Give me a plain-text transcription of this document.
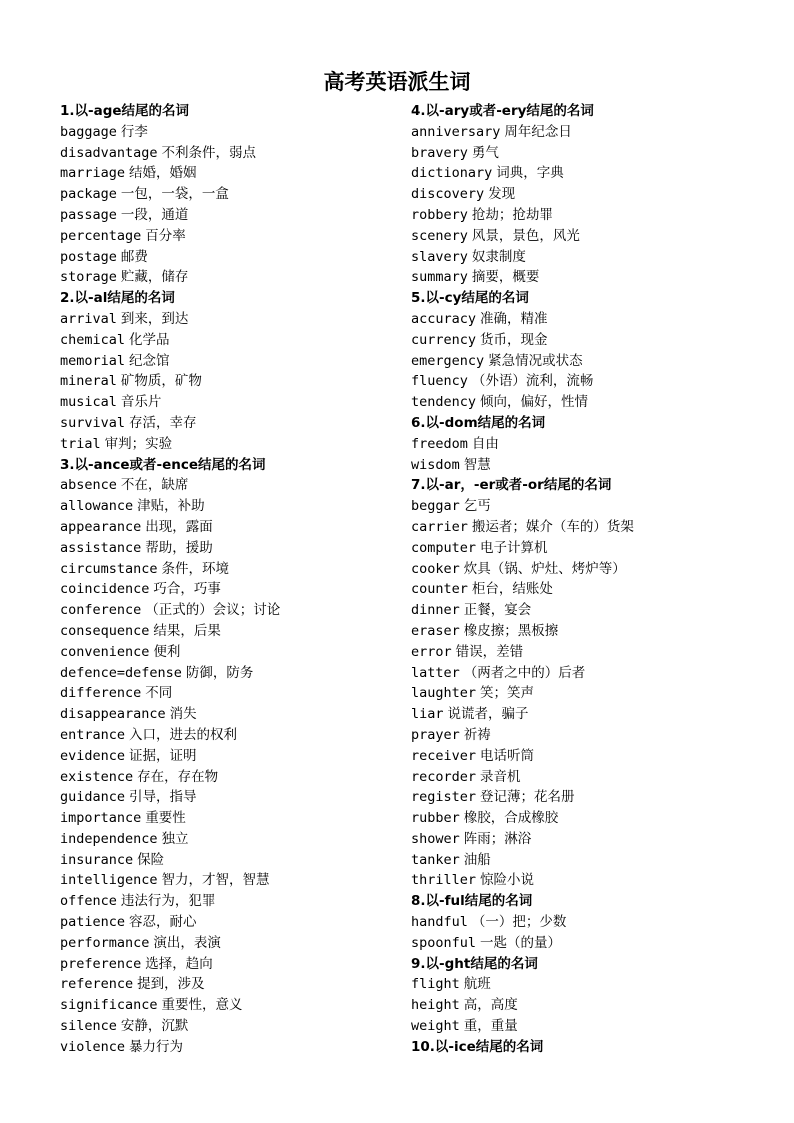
高考英语派生词
1.以-age结尾的名词
baggage 行李
disadvantage 不利条件，弱点
marriage 结婚，婚姻
package 一包，一袋，一盒
passage 一段，通道
percentage 百分率
postage 邮费
storage 贮藏，储存
2.以-al结尾的名词
arrival 到来，到达
chemical 化学品
memorial 纪念馆
mineral 矿物质，矿物
musical 音乐片
survival 存活，幸存
trial 审判；实验
3.以-ance或者-ence结尾的名词
absence 不在，缺席
allowance 津贴，补助
appearance 出现，露面
assistance 帮助，援助
circumstance 条件，环境
coincidence 巧合，巧事
conference （正式的）会议；讨论
consequence 结果，后果
convenience 便利
defence=defense 防御，防务
difference 不同
disappearance 消失
entrance 入口，进去的权利
evidence 证据，证明
existence 存在，存在物
guidance 引导，指导
importance 重要性
independence 独立
insurance 保险
intelligence 智力，才智，智慧
offence 违法行为，犯罪
patience 容忍，耐心
performance 演出，表演
preference 选择，趋向
reference 提到，涉及
significance 重要性，意义
silence 安静，沉默
violence 暴力行为
4.以-ary或者-ery结尾的名词
anniversary 周年纪念日
bravery 勇气
dictionary 词典，字典
discovery 发现
robbery 抢劫；抢劫罪
scenery 风景，景色，风光
slavery 奴隶制度
summary 摘要，概要
5.以-cy结尾的名词
accuracy 准确，精准
currency 货币，现金
emergency 紧急情况或状态
fluency （外语）流利，流畅
tendency 倾向，偏好，性情
6.以-dom结尾的名词
freedom 自由
wisdom 智慧
7.以-ar，-er或者-or结尾的名词
beggar 乞丐
carrier 搬运者；媒介（车的）货架
computer 电子计算机
cooker 炊具（锅、炉灶、烤炉等）
counter 柜台，结账处
dinner 正餐，宴会
eraser 橡皮擦；黑板擦
error 错误，差错
latter （两者之中的）后者
laughter 笑；笑声
liar 说谎者，骗子
prayer 祈祷
receiver 电话听筒
recorder 录音机
register 登记薄；花名册
rubber 橡胶，合成橡胶
shower 阵雨；淋浴
tanker 油船
thriller 惊险小说
8.以-ful结尾的名词
handful （一）把；少数
spoonful 一匙（的量）
9.以-ght结尾的名词
flight 航班
height 高，高度
weight 重，重量
10.以-ice结尾的名词
